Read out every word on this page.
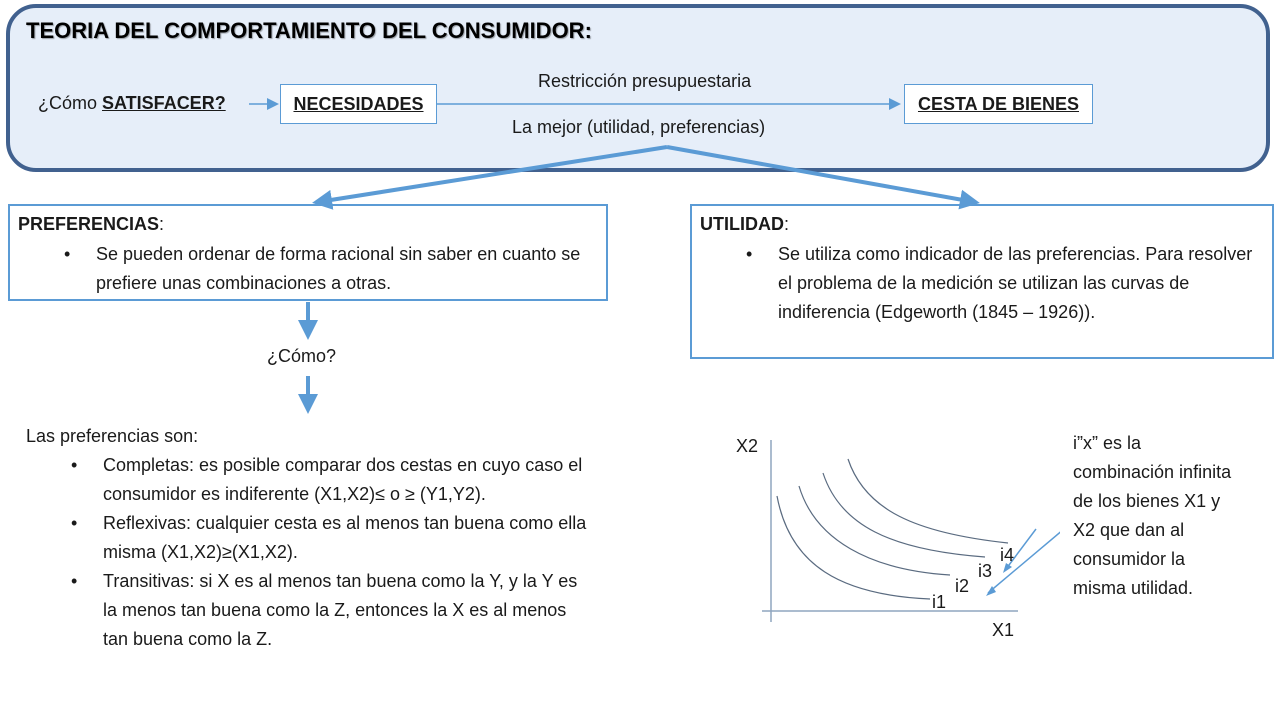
TEORIA DEL COMPORTAMIENTO DEL CONSUMIDOR:
¿Cómo SATISFACER?	NECESIDADES
Restricción presupuestaria
La mejor (utilidad, preferencias)
CESTA DE BIENES
PREFERENCIAS:
• Se pueden ordenar de forma racional sin saber en cuanto se prefiere unas combinaciones a otras.
UTILIDAD:
• Se utiliza como indicador de las preferencias. Para resolver el problema de la medición se utilizan las curvas de indiferencia (Edgeworth (1845 – 1926)).
¿Cómo?
Las preferencias son:
• Completas: es posible comparar dos cestas en cuyo caso el consumidor es indiferente (X1,X2)≤ o ≥ (Y1,Y2).
• Reflexivas: cualquier cesta es al menos tan buena como ella misma (X1,X2)≥(X1,X2).
• Transitivas: si X es al menos tan buena como la Y, y la Y es la menos tan buena como la Z, entonces la X es al menos tan buena como la Z.
X2
X1
i1
i2
i3
i4
i”x” es la combinación infinita de los bienes X1 y X2 que dan al consumidor la misma utilidad.
